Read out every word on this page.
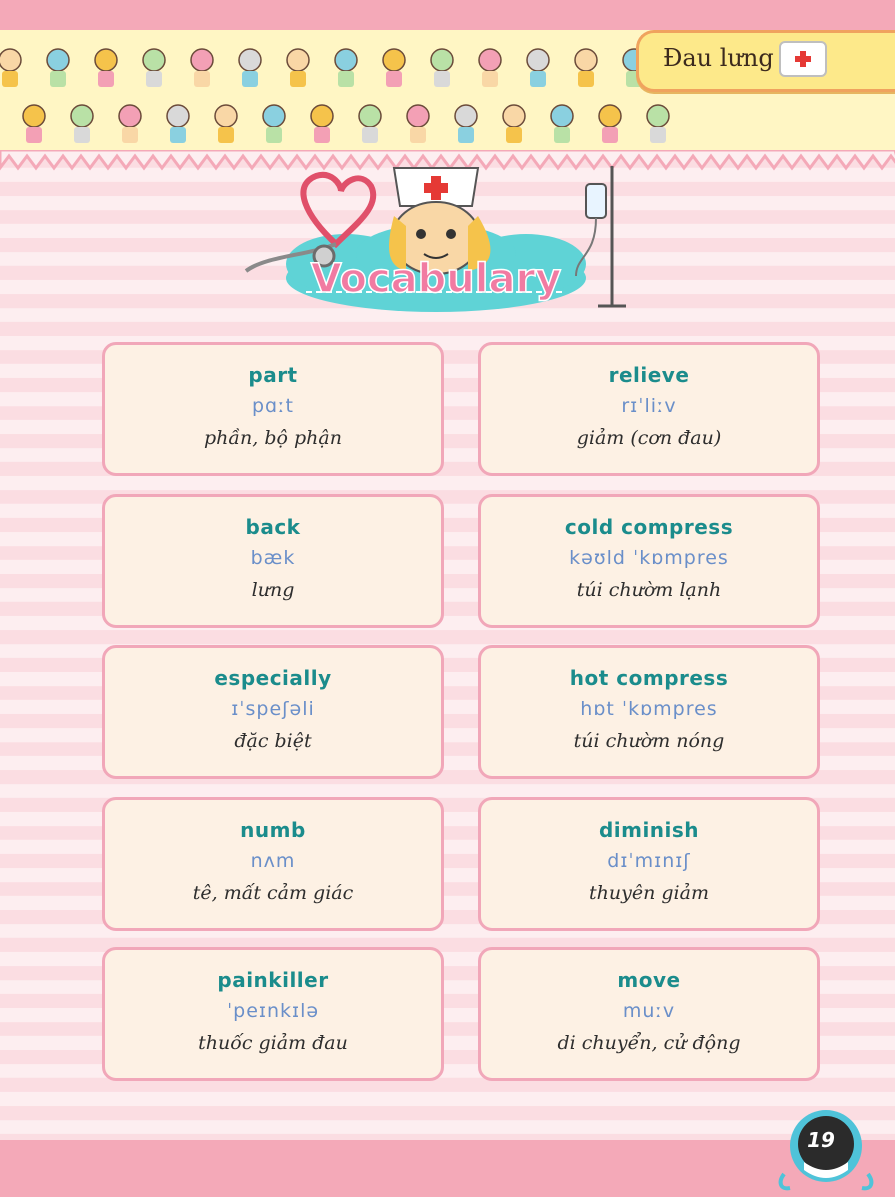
Đau lưng
Vocabulary
part
pɑːt
phần, bộ phận
relieve
rɪˈliːv
giảm (cơn đau)
back
bæk
lưng
cold compress
kəʊld ˈkɒmpres
túi chườm lạnh
especially
ɪˈspeʃəli
đặc biệt
hot compress
hɒt ˈkɒmpres
túi chườm nóng
numb
nʌm
tê, mất cảm giác
diminish
dɪˈmɪnɪʃ
thuyên giảm
painkiller
ˈpeɪnkɪlə
thuốc giảm đau
move
muːv
di chuyển, cử động
19
